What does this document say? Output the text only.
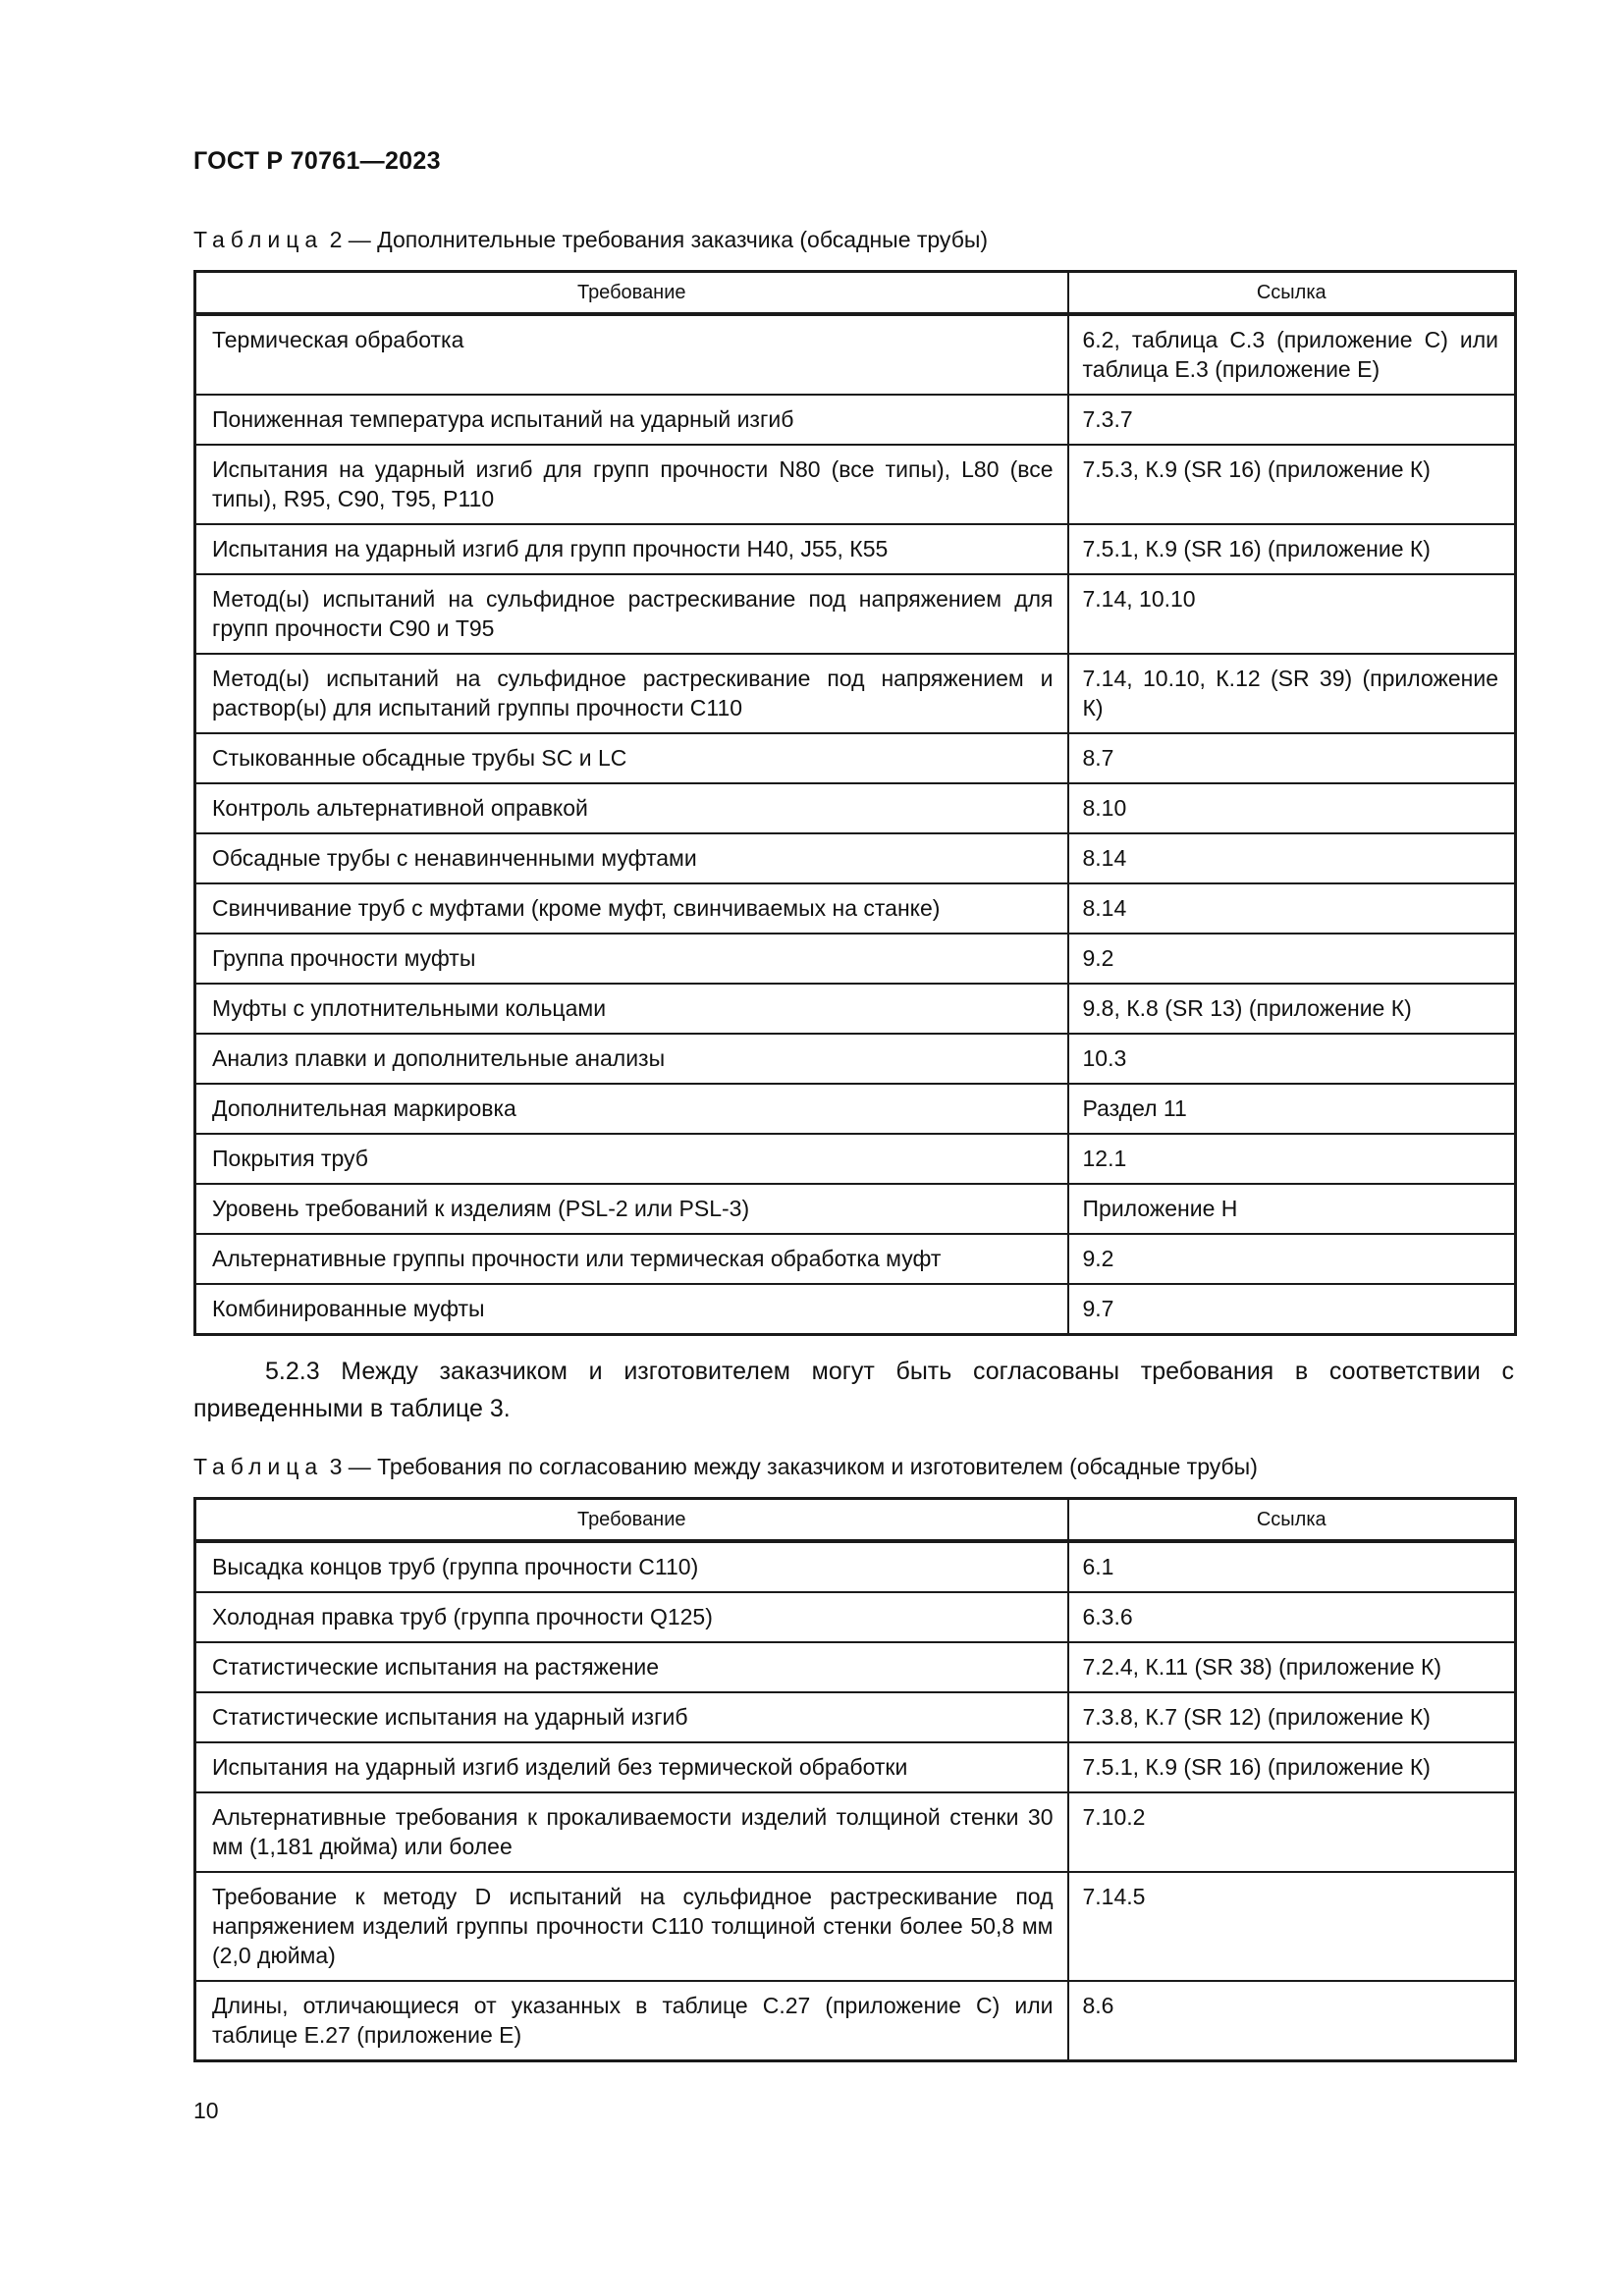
ГОСТ Р 70761—2023
Таблица 2 — Дополнительные требования заказчика (обсадные трубы)
Требование	Ссылка
Термическая обработка	6.2, таблица С.3 (приложение С) или таблица Е.3 (приложение Е)
Пониженная температура испытаний на ударный изгиб	7.3.7
Испытания на ударный изгиб для групп прочности N80 (все типы), L80 (все типы), R95, С90, Т95, Р110	7.5.3, К.9 (SR 16) (приложение К)
Испытания на ударный изгиб для групп прочности Н40, J55, К55	7.5.1, К.9 (SR 16) (приложение К)
Метод(ы) испытаний на сульфидное растрескивание под напряжением для групп прочности С90 и Т95	7.14, 10.10
Метод(ы) испытаний на сульфидное растрескивание под напряжением и раствор(ы) для испытаний группы прочности С110	7.14, 10.10, К.12 (SR 39) (приложение К)
Стыкованные обсадные трубы SC и LC	8.7
Контроль альтернативной оправкой	8.10
Обсадные трубы с ненавинченными муфтами	8.14
Свинчивание труб с муфтами (кроме муфт, свинчиваемых на станке)	8.14
Группа прочности муфты	9.2
Муфты с уплотнительными кольцами	9.8, К.8 (SR 13) (приложение К)
Анализ плавки и дополнительные анализы	10.3
Дополнительная маркировка	Раздел 11
Покрытия труб	12.1
Уровень требований к изделиям (PSL-2 или PSL-3)	Приложение Н
Альтернативные группы прочности или термическая обработка муфт	9.2
Комбинированные муфты	9.7
5.2.3 Между заказчиком и изготовителем могут быть согласованы требования в соответствии с приведенными в таблице 3.
Таблица 3 — Требования по согласованию между заказчиком и изготовителем (обсадные трубы)
Требование	Ссылка
Высадка концов труб (группа прочности С110)	6.1
Холодная правка труб (группа прочности Q125)	6.3.6
Статистические испытания на растяжение	7.2.4, К.11 (SR 38) (приложение К)
Статистические испытания на ударный изгиб	7.3.8, К.7 (SR 12) (приложение К)
Испытания на ударный изгиб изделий без термической обработки	7.5.1, К.9 (SR 16) (приложение К)
Альтернативные требования к прокаливаемости изделий толщиной стенки 30 мм (1,181 дюйма) или более	7.10.2
Требование к методу D испытаний на сульфидное растрескивание под напряжением изделий группы прочности С110 толщиной стенки более 50,8 мм (2,0 дюйма)	7.14.5
Длины, отличающиеся от указанных в таблице С.27 (приложение С) или таблице Е.27 (приложение Е)	8.6
10
